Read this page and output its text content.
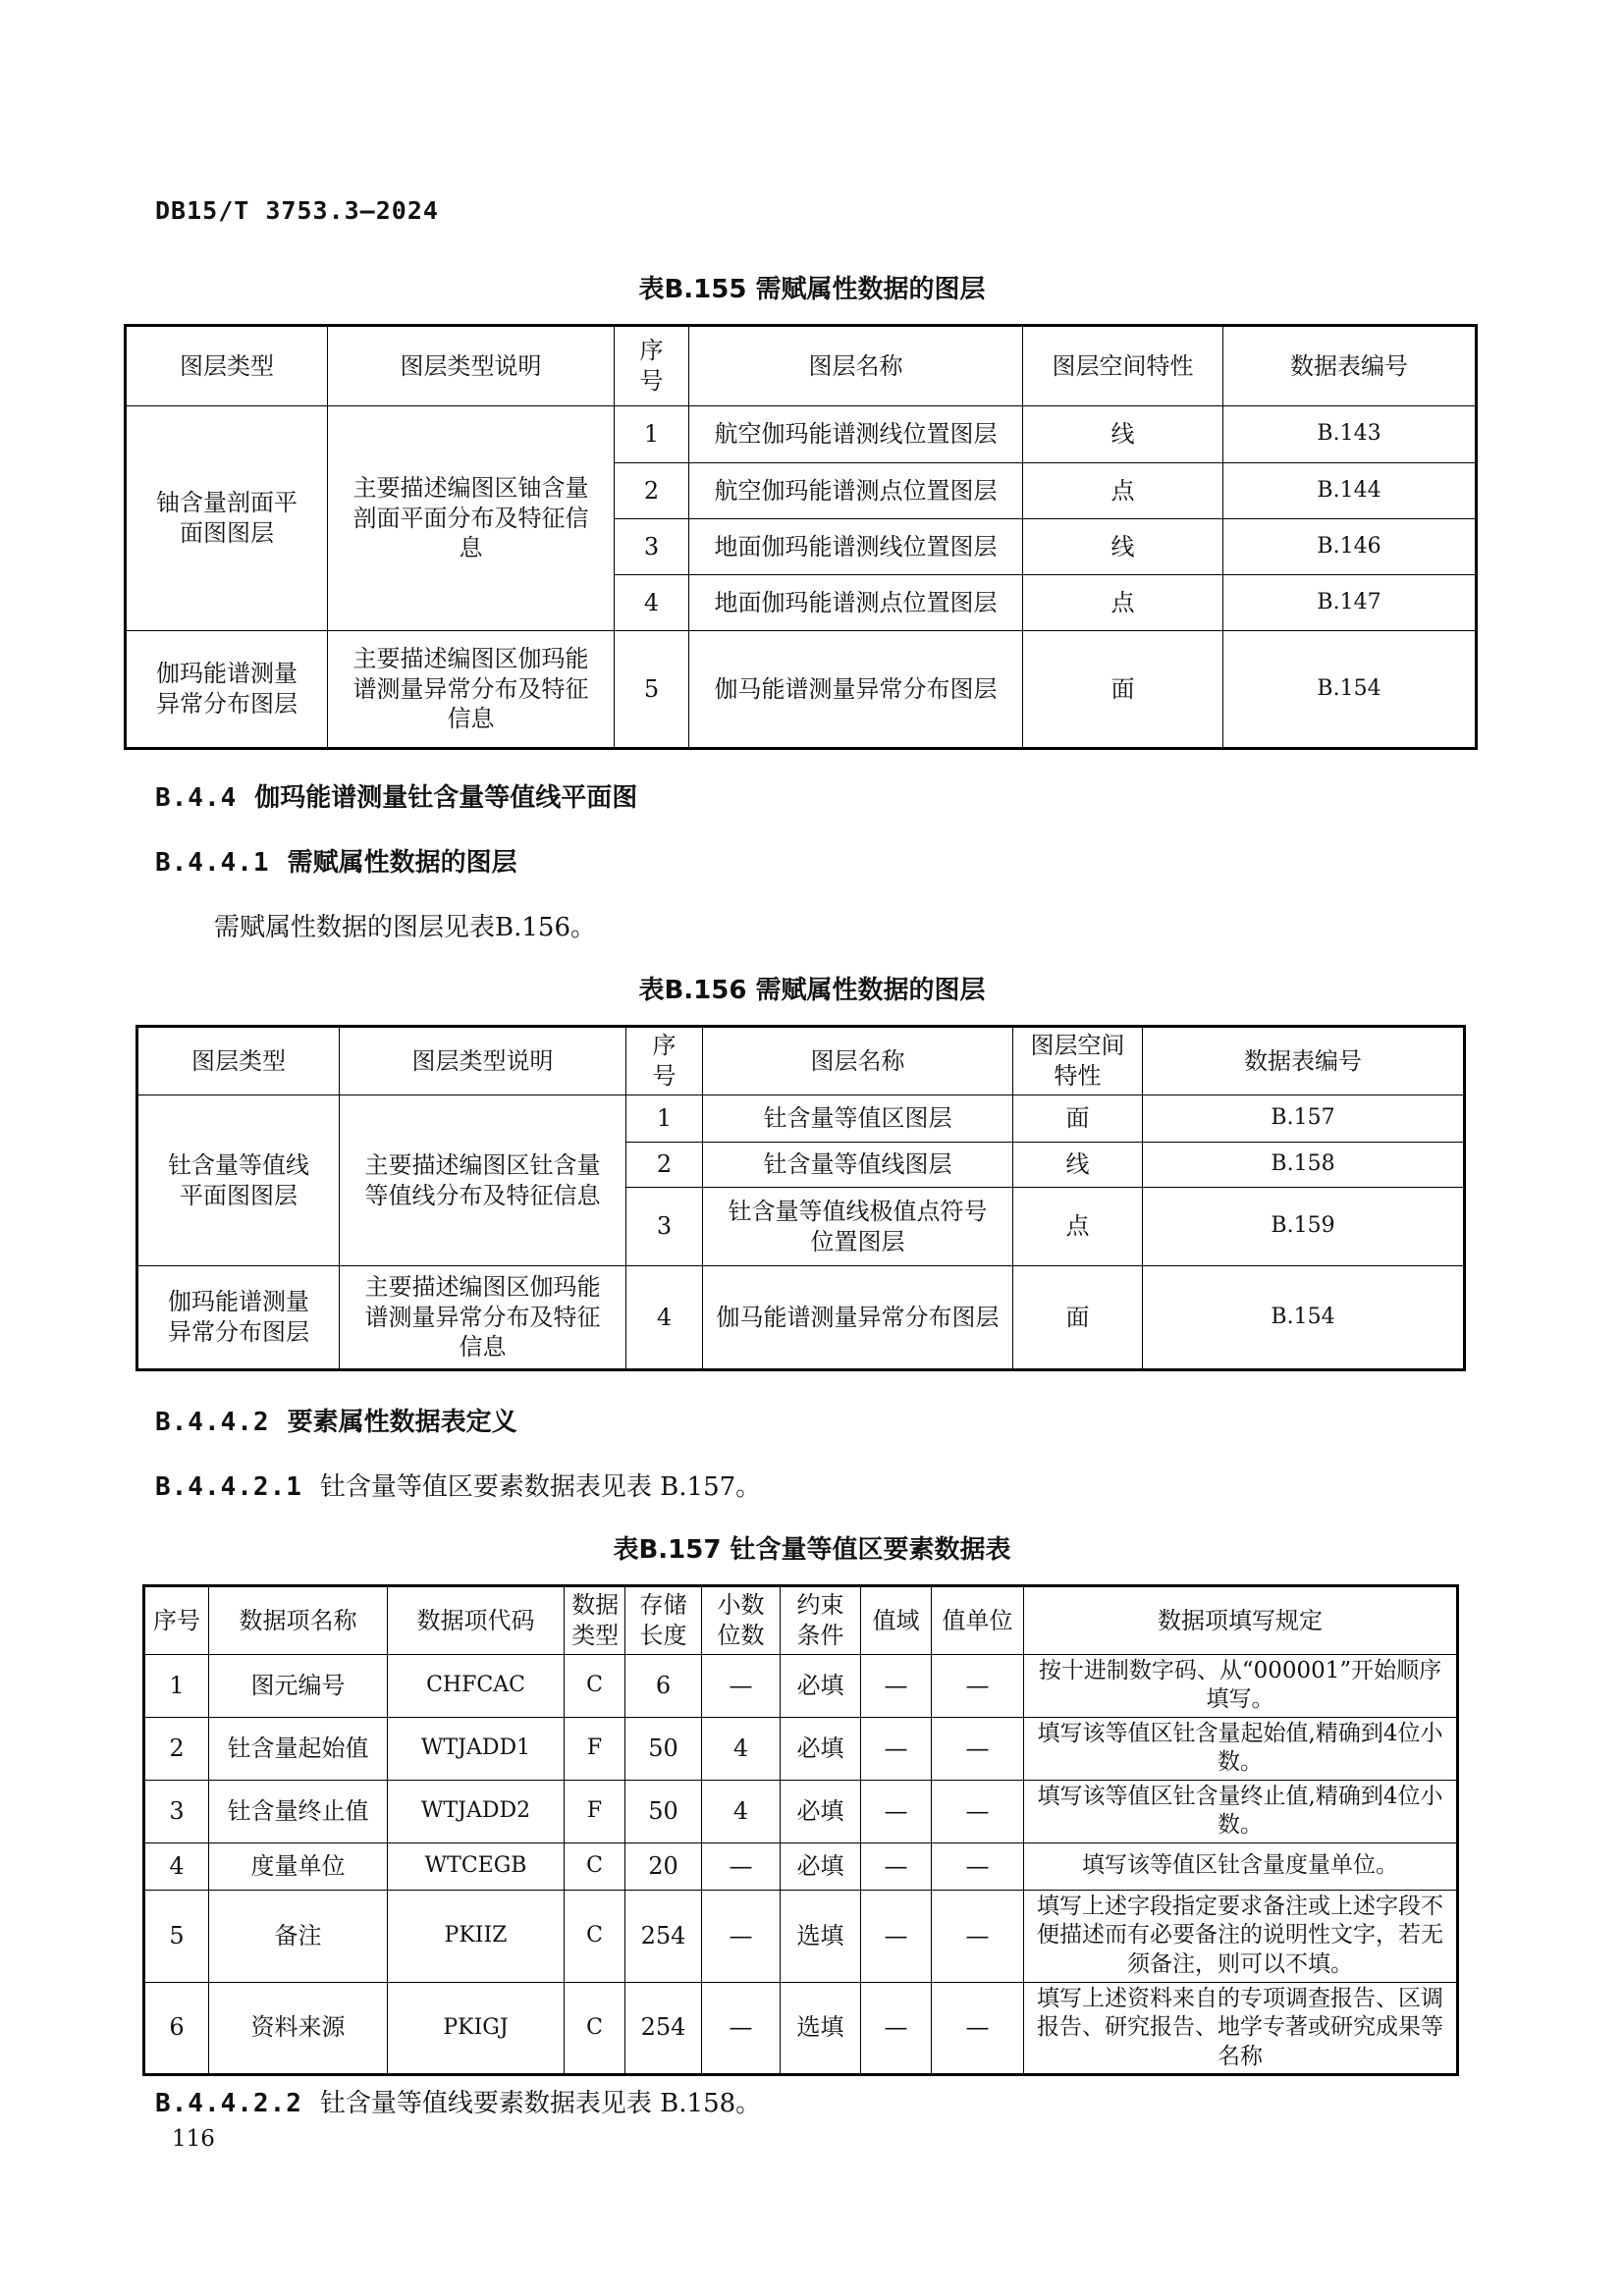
DB15/T 3753.3—2024
表B.155 需赋属性数据的图层
图层类型	图层类型说明	序号	图层名称	图层空间特性	数据表编号
铀含量剖面平面图图层	主要描述编图区铀含量剖面平面分布及特征信息	1	航空伽玛能谱测线位置图层	线	B.143
		2	航空伽玛能谱测点位置图层	点	B.144
		3	地面伽玛能谱测线位置图层	线	B.146
		4	地面伽玛能谱测点位置图层	点	B.147
伽玛能谱测量异常分布图层	主要描述编图区伽玛能谱测量异常分布及特征信息	5	伽马能谱测量异常分布图层	面	B.154
B.4.4 伽玛能谱测量钍含量等值线平面图
B.4.4.1 需赋属性数据的图层
需赋属性数据的图层见表B.156。
表B.156 需赋属性数据的图层
图层类型	图层类型说明	序号	图层名称	图层空间特性	数据表编号
钍含量等值线平面图图层	主要描述编图区钍含量等值线分布及特征信息	1	钍含量等值区图层	面	B.157
		2	钍含量等值线图层	线	B.158
		3	钍含量等值线极值点符号位置图层	点	B.159
伽玛能谱测量异常分布图层	主要描述编图区伽玛能谱测量异常分布及特征信息	4	伽马能谱测量异常分布图层	面	B.154
B.4.4.2 要素属性数据表定义
B.4.4.2.1 钍含量等值区要素数据表见表 B.157。
表B.157 钍含量等值区要素数据表
序号	数据项名称	数据项代码	数据类型	存储长度	小数位数	约束条件	值域	值单位	数据项填写规定
1	图元编号	CHFCAC	C	6	—	必填	—	—	按十进制数字码、从“000001”开始顺序填写。
2	钍含量起始值	WTJADD1	F	50	4	必填	—	—	填写该等值区钍含量起始值,精确到4位小数。
3	钍含量终止值	WTJADD2	F	50	4	必填	—	—	填写该等值区钍含量终止值,精确到4位小数。
4	度量单位	WTCEGB	C	20	—	必填	—	—	填写该等值区钍含量度量单位。
5	备注	PKIIZ	C	254	—	选填	—	—	填写上述字段指定要求备注或上述字段不便描述而有必要备注的说明性文字，若无须备注，则可以不填。
6	资料来源	PKIGJ	C	254	—	选填	—	—	填写上述资料来自的专项调查报告、区调报告、研究报告、地学专著或研究成果等名称
B.4.4.2.2 钍含量等值线要素数据表见表 B.158。
116
